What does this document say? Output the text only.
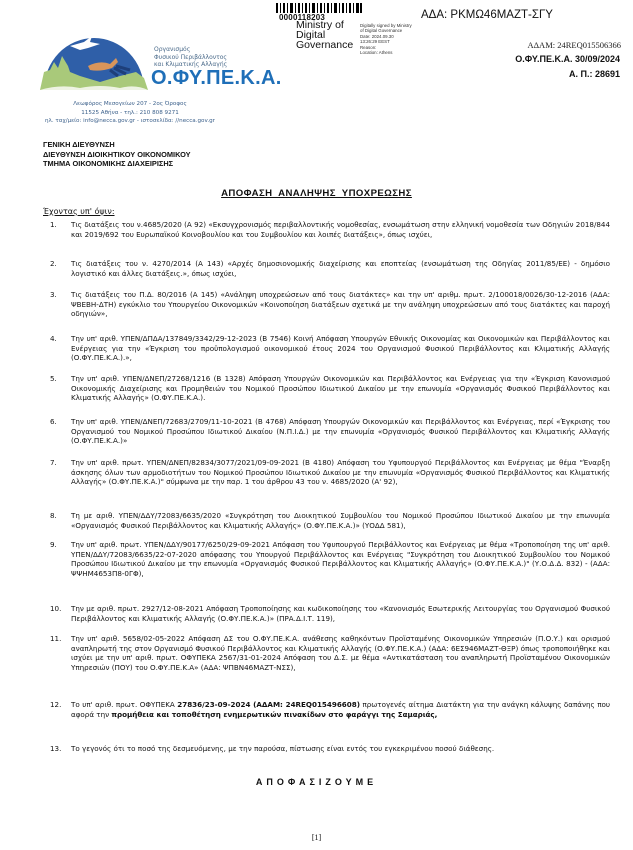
Οργανισμός
Φυσικού Περιβάλλοντος
και Κλιματικής Αλλαγής
Ο.ΦΥ.ΠΕ.Κ.Α.
Λεωφόρος Μεσογείων 207 - 2ος Όροφος
11525 Αθήνα - τηλ.: 210 808 9271
ηλ. ταχ/μείο: info@necca.gov.gr - ιστοσελίδα: //necca.gov.gr
0000118203
Ministry of
Digital
Governance
Digitally signed by Ministry
of Digital Governance
Date: 2024.09.30
13:26:29 EEST
Reason:
Location: Athens
ΑΔΑ: ΡΚΜΩ46ΜΑΖΤ-ΣΓΥ
ΑΔΑΜ: 24REQ015506366
Ο.ΦΥ.ΠΕ.Κ.Α. 30/09/2024
Α. Π.: 28691
ΓΕΝΙΚΗ ΔΙΕΥΘΥΝΣΗ
ΔΙΕΥΘΥΝΣΗ ΔΙΟΙΚΗΤΙΚΟΥ ΟΙΚΟΝΟΜΙΚΟΥ
ΤΜΗΜΑ ΟΙΚΟΝΟΜΙΚΗΣ ΔΙΑΧΕΙΡΙΣΗΣ
ΑΠΟΦΑΣΗ ΑΝΑΛΗΨΗΣ ΥΠΟΧΡΕΩΣΗΣ
Έχοντας υπ' όψιν:
1.	Τις διατάξεις του ν.4685/2020 (Α 92) «Εκσυγχρονισμός περιβαλλοντικής νομοθεσίας, ενσωμάτωση στην ελληνική νομοθεσία των Οδηγιών 2018/844 και 2019/692 του Ευρωπαϊκού Κοινοβουλίου και του Συμβουλίου και λοιπές διατάξεις», όπως ισχύει,
2.	Τις διατάξεις του ν. 4270/2014 (Α 143) «Αρχές δημοσιονομικής διαχείρισης και εποπτείας (ενσωμάτωση της Οδηγίας 2011/85/ΕΕ) - δημόσιο λογιστικό και άλλες διατάξεις.», όπως ισχύει,
3.	Τις διατάξεις του Π.Δ. 80/2016 (Α 145) «Ανάληψη υποχρεώσεων από τους διατάκτες» και την υπ' αριθμ. πρωτ. 2/100018/0026/30-12-2016 (ΑΔΑ: ΨΒΕΒΗ-ΔΤΗ) εγκύκλιο του Υπουργείου Οικονομικών «Κοινοποίηση διατάξεων σχετικά με την ανάληψη υποχρεώσεων από τους διατάκτες και παροχή οδηγιών»,
4.	Την υπ' αριθ. ΥΠΕΝ/ΔΠΔΑ/137849/3342/29-12-2023 (Β 7546) Κοινή Απόφαση Υπουργών Εθνικής Οικονομίας και Οικονομικών και Περιβάλλοντος και Ενέργειας για την «Έγκριση του προϋπολογισμού οικονομικού έτους 2024 του Οργανισμού Φυσικού Περιβάλλοντος και Κλιματικής Αλλαγής (Ο.ΦΥ.ΠΕ.Κ.Α.).»,
5.	Την υπ' αριθ. ΥΠΕΝ/ΔΝΕΠ/27268/1216 (Β 1328) Απόφαση Υπουργών Οικονομικών και Περιβάλλοντος και Ενέργειας για την «Έγκριση Κανονισμού Οικονομικής Διαχείρισης και Προμηθειών του Νομικού Προσώπου Ιδιωτικού Δικαίου με την επωνυμία «Οργανισμός Φυσικού Περιβάλλοντος και Κλιματικής Αλλαγής» (Ο.ΦΥ.ΠΕ.Κ.Α.).
6.	Την υπ' αριθ. ΥΠΕΝ/ΔΝΕΠ/72683/2709/11-10-2021 (Β 4768) Απόφαση Υπουργών Οικονομικών και Περιβάλλοντος και Ενέργειας, περί «Έγκρισης του Οργανισμού του Νομικού Προσώπου Ιδιωτικού Δικαίου (Ν.Π.Ι.Δ.) με την επωνυμία «Οργανισμός Φυσικού Περιβάλλοντος και Κλιματικής Αλλαγής (Ο.ΦΥ.ΠΕ.Κ.Α.)»
7.	Την υπ' αριθ. πρωτ. ΥΠΕΝ/ΔΝΕΠ/82834/3077/2021/09-09-2021 (Β 4180) Απόφαση του Υφυπουργού Περιβάλλοντος και Ενέργειας με θέμα "Έναρξη άσκησης όλων των αρμοδιοτήτων του Νομικού Προσώπου Ιδιωτικού Δικαίου με την επωνυμία «Οργανισμός Φυσικού Περιβάλλοντος και Κλιματικής Αλλαγής» (Ο.ΦΥ.ΠΕ.Κ.Α.)" σύμφωνα με την παρ. 1 του άρθρου 43 του ν. 4685/2020 (Α' 92),
8.	Τη με αριθ. ΥΠΕΝ/ΔΔΥ/72083/6635/2020 «Συγκρότηση του Διοικητικού Συμβουλίου του Νομικού Προσώπου Ιδιωτικού Δικαίου με την επωνυμία «Οργανισμός Φυσικού Περιβάλλοντος και Κλιματικής Αλλαγής» (Ο.ΦΥ.ΠΕ.Κ.Α.)» (ΥΟΔΔ 581),
9.	Την υπ' αριθ. πρωτ. ΥΠΕΝ/ΔΔΥ/90177/6250/29-09-2021 Απόφαση του Υφυπουργού Περιβάλλοντος και Ενέργειας με θέμα «Τροποποίηση της υπ' αριθ. ΥΠΕΝ/ΔΔΥ/72083/6635/22-07-2020 απόφασης του Υπουργού Περιβάλλοντος και Ενέργειας "Συγκρότηση του Διοικητικού Συμβουλίου του Νομικού Προσώπου Ιδιωτικού Δικαίου με την επωνυμία «Οργανισμός Φυσικού Περιβάλλοντος και Κλιματικής Αλλαγής» (Ο.ΦΥ.ΠΕ.Κ.Α.)" (Υ.Ο.Δ.Δ. 832) - (ΑΔΑ: ΨΨΗΜ4653Π8-0ΓΦ),
10.	Την με αριθ. πρωτ. 2927/12-08-2021 Απόφαση Τροποποίησης και κωδικοποίησης του «Κανονισμός Εσωτερικής Λειτουργίας του Οργανισμού Φυσικού Περιβάλλοντος και Κλιματικής Αλλαγής (Ο.ΦΥ.ΠΕ.Κ.Α.)» (ΠΡΑ.Δ.Ι.Τ. 119),
11.	Την υπ' αριθ. 5658/02-05-2022 Απόφαση ΔΣ του Ο.ΦΥ.ΠΕ.Κ.Α. ανάθεσης καθηκόντων Προϊσταμένης Οικονομικών Υπηρεσιών (Π.Ο.Υ.) και ορισμού αναπληρωτή της στον Οργανισμό Φυσικού Περιβάλλοντος και Κλιματικής Αλλαγής (Ο.ΦΥ.ΠΕ.Κ.Α.) (ΑΔΑ: 6ΕΣ946ΜΑΖΤ-ΘΞΡ) όπως τροποποιήθηκε και ισχύει με την υπ' αριθ. πρωτ. ΟΦΥΠΕΚΑ 2567/31-01-2024 Απόφαση του Δ.Σ. με θέμα «Αντικατάσταση του αναπληρωτή Προϊσταμένου Οικονομικών Υπηρεσιών (ΠΟΥ) του Ο.ΦΥ.ΠΕ.Κ.Α» (ΑΔΑ: ΨΠΒΝ46ΜΑΖΤ-ΝΣΣ),
12.	Το υπ' αριθ. πρωτ. ΟΦΥΠΕΚΑ 27836/23-09-2024 (ΑΔΑΜ: 24REQ015496608) πρωτογενές αίτημα Διατάκτη για την ανάγκη κάλυψης δαπάνης που αφορά την προμήθεια και τοποθέτηση ενημερωτικών πινακίδων στο φαράγγι της Σαμαριάς,
13.	Το γεγονός ότι το ποσό της δεσμευόμενης, με την παρούσα, πίστωσης είναι εντός του εγκεκριμένου ποσού διάθεσης.
ΑΠΟΦΑΣΙΖΟΥΜΕ
[1]
